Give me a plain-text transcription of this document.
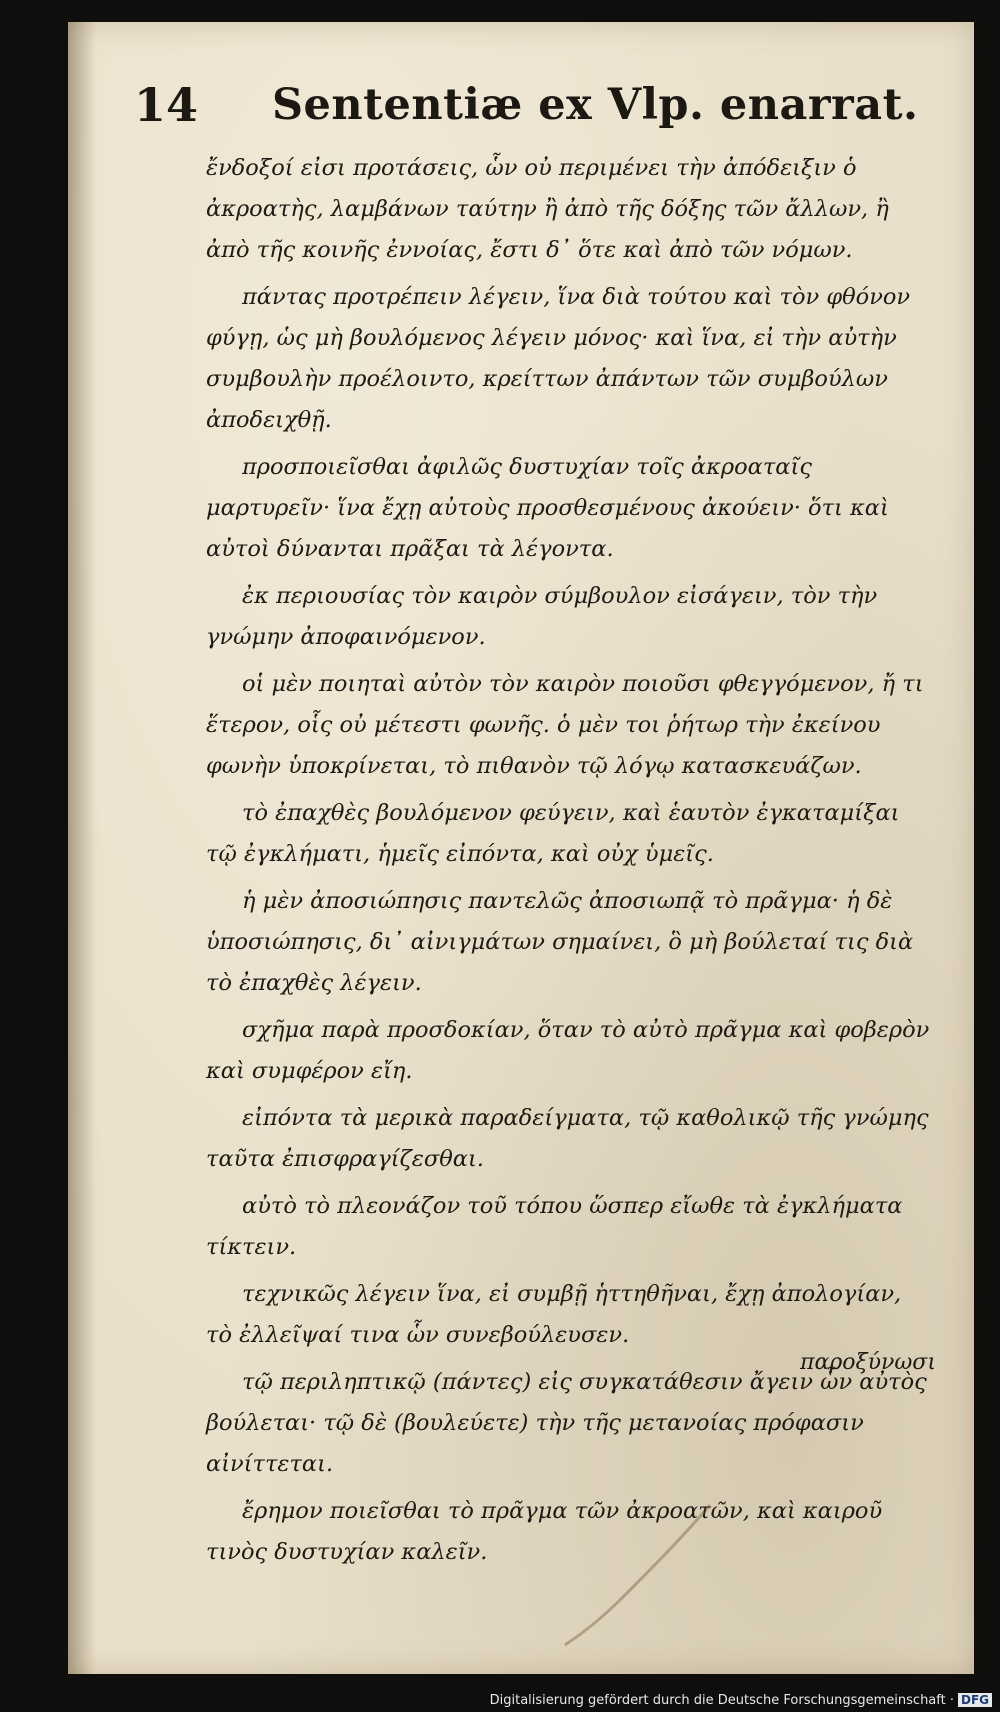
14 Sententiæ ex Vlp. enarrat.

ἔνδοξοί εἰσι προτάσεις, ὧν οὐ περιμένει τὴν ἀπόδειξιν ὁ ἀκροατὴς, λαμβάνων ταύτην ἢ ἀπὸ τῆς δόξης τῶν ἄλλων, ἢ ἀπὸ τῆς κοινῆς ἐννοίας, ἔστι δ᾽ ὅτε καὶ ἀπὸ τῶν νόμων.

πάντας προτρέπειν λέγειν, ἵνα διὰ τούτου καὶ τὸν φθόνον φύγῃ, ὡς μὴ βουλόμενος λέγειν μόνος· καὶ ἵνα, εἰ τὴν αὐτὴν συμβουλὴν προέλοιντο, κρείττων ἀπάντων τῶν συμβούλων ἀποδειχθῇ.

προσποιεῖσθαι ἀφιλῶς δυστυχίαν τοῖς ἀκροαταῖς μαρτυρεῖν· ἵνα ἔχῃ αὐτοὺς προσθεσμένους ἀκούειν· ὅτι καὶ αὐτοὶ δύνανται πρᾶξαι τὰ λέγοντα.

ἐκ περιουσίας τὸν καιρὸν σύμβουλον εἰσάγειν, τὸν τὴν γνώμην ἀποφαινόμενον.

οἱ μὲν ποιηταὶ αὐτὸν τὸν καιρὸν ποιοῦσι φθεγγόμενον, ἤ τι ἕτερον, οἷς οὐ μέτεστι φωνῆς. ὁ μὲν τοι ῥήτωρ τὴν ἐκείνου φωνὴν ὑποκρίνεται, τὸ πιθανὸν τῷ λόγῳ κατασκευάζων.

τὸ ἐπαχθὲς βουλόμενον φεύγειν, καὶ ἑαυτὸν ἐγκαταμίξαι τῷ ἐγκλήματι, ἡμεῖς εἰπόντα, καὶ οὐχ ὑμεῖς.

ἡ μὲν ἀποσιώπησις παντελῶς ἀποσιωπᾷ τὸ πρᾶγμα· ἡ δὲ ὑποσιώπησις, δι᾽ αἰνιγμάτων σημαίνει, ὃ μὴ βούλεταί τις διὰ τὸ ἐπαχθὲς λέγειν.

σχῆμα παρὰ προσδοκίαν, ὅταν τὸ αὐτὸ πρᾶγμα καὶ φοβερὸν καὶ συμφέρον εἴη.

εἰπόντα τὰ μερικὰ παραδείγματα, τῷ καθολικῷ τῆς γνώμης ταῦτα ἐπισφραγίζεσθαι.

αὐτὸ τὸ πλεονάζον τοῦ τόπου ὥσπερ εἴωθε τὰ ἐγκλήματα τίκτειν.

τεχνικῶς λέγειν ἵνα, εἰ συμβῇ ἡττηθῆναι, ἔχῃ ἀπολογίαν, τὸ ἐλλεῖψαί τινα ὧν συνεβούλευσεν.

τῷ περιληπτικῷ (πάντες) εἰς συγκατάθεσιν ἄγειν ὧν αὐτὸς βούλεται· τῷ δὲ (βουλεύετε) τὴν τῆς μετανοίας πρόφασιν αἰνίττεται.

ἔρημον ποιεῖσθαι τὸ πρᾶγμα τῶν ἀκροατῶν, καὶ καιροῦ τινὸς δυστυχίαν καλεῖν.

παροξύνωσι
Digitalisierung gefördert durch die Deutsche Forschungsgemeinschaft · DFG
